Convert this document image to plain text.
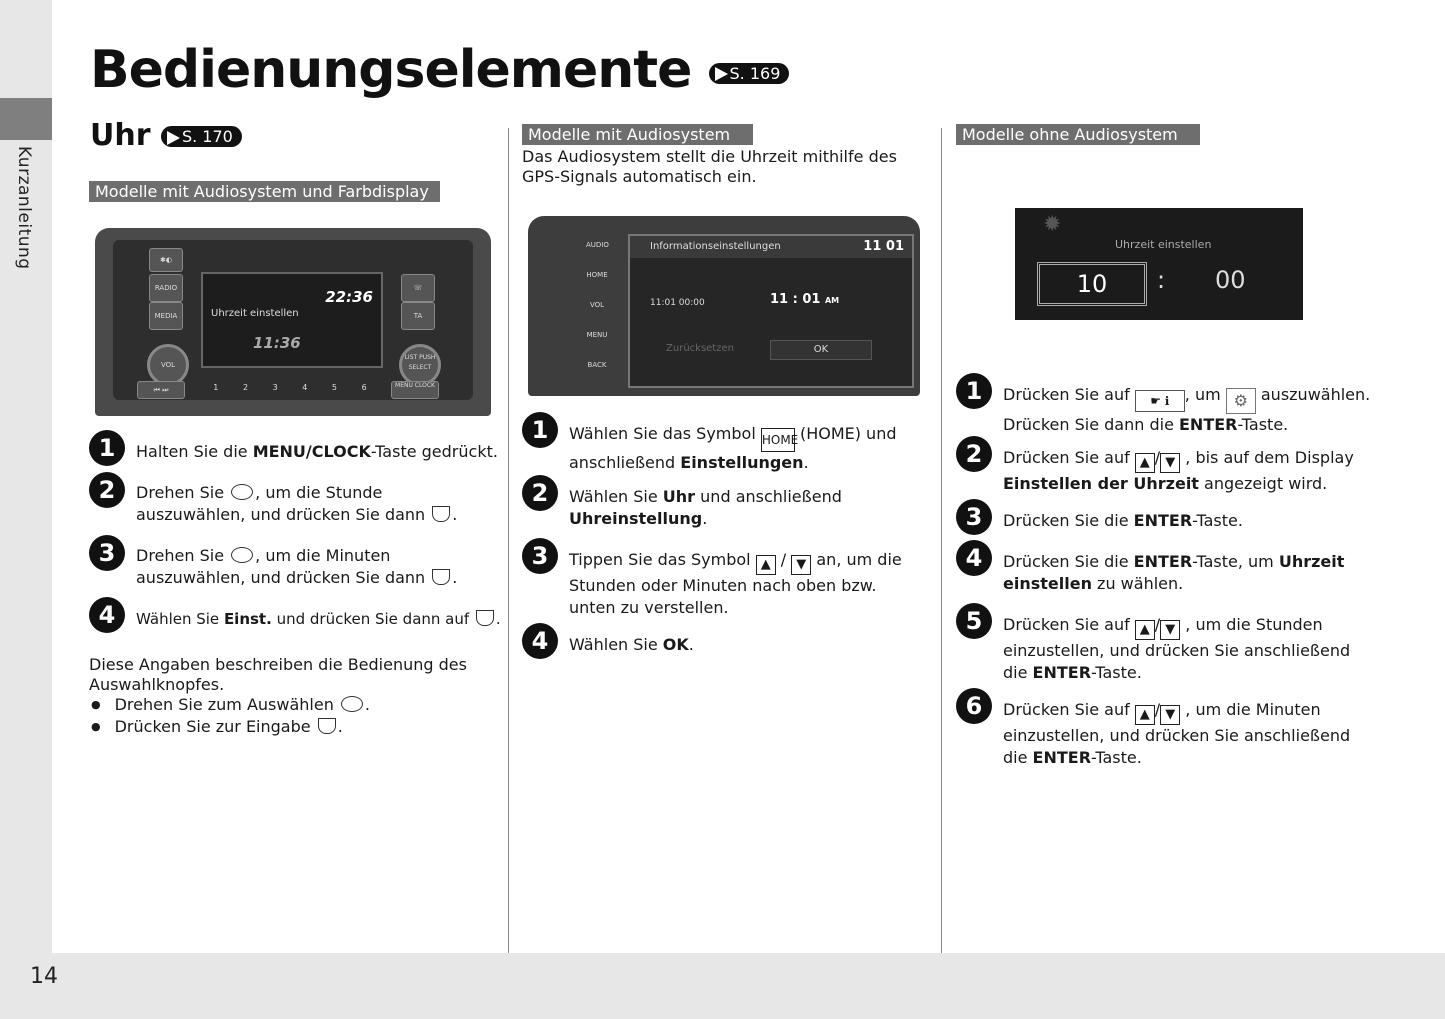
Kurzanleitung
14
Bedienungselemente S. 169
Uhr S. 170
Modelle mit Audiosystem und Farbdisplay
✱◐
RADIO
MEDIA
☏
TA
VOL
LIST PUSH SELECT
22:36
Uhrzeit einstellen
11:36
1	2	3	4	5	6
⏮ ⏭
MENU CLOCK
1	Halten Sie die MENU/CLOCK-Taste gedrückt.
2	Drehen Sie , um die Stunde
auszuwählen, und drücken Sie dann .
3	Drehen Sie , um die Minuten
auszuwählen, und drücken Sie dann .
4	Wählen Sie Einst. und drücken Sie dann auf .
Diese Angaben beschreiben die Bedienung des Auswahlknopfes.
● Drehen Sie zum Auswählen .
● Drücken Sie zur Eingabe .
Modelle mit Audiosystem
Das Audiosystem stellt die Uhrzeit mithilfe des GPS-Signals automatisch ein.
AUDIO
HOME
VOL
MENU
BACK
Informationseinstellungen	11 01
11:01 00:00	11 : 01 AM
Zurücksetzen	OK
1	Wählen Sie das Symbol HOME (HOME) und
anschließend Einstellungen.
2	Wählen Sie Uhr und anschließend
Uhreinstellung.
3	Tippen Sie das Symbol ▲ / ▼ an, um die
Stunden oder Minuten nach oben bzw.
unten zu verstellen.
4	Wählen Sie OK.
Modelle ohne Audiosystem
✹
Uhrzeit einstellen
10	: 00
1	Drücken Sie auf ☛ ℹ , um ⚙ auszuwählen.
Drücken Sie dann die ENTER-Taste.
2	Drücken Sie auf ▲ / ▼ , bis auf dem Display
Einstellen der Uhrzeit angezeigt wird.
3	Drücken Sie die ENTER-Taste.
4	Drücken Sie die ENTER-Taste, um Uhrzeit
einstellen zu wählen.
5	Drücken Sie auf ▲ / ▼ , um die Stunden
einzustellen, und drücken Sie anschließend
die ENTER-Taste.
6	Drücken Sie auf ▲ / ▼ , um die Minuten
einzustellen, und drücken Sie anschließend
die ENTER-Taste.
